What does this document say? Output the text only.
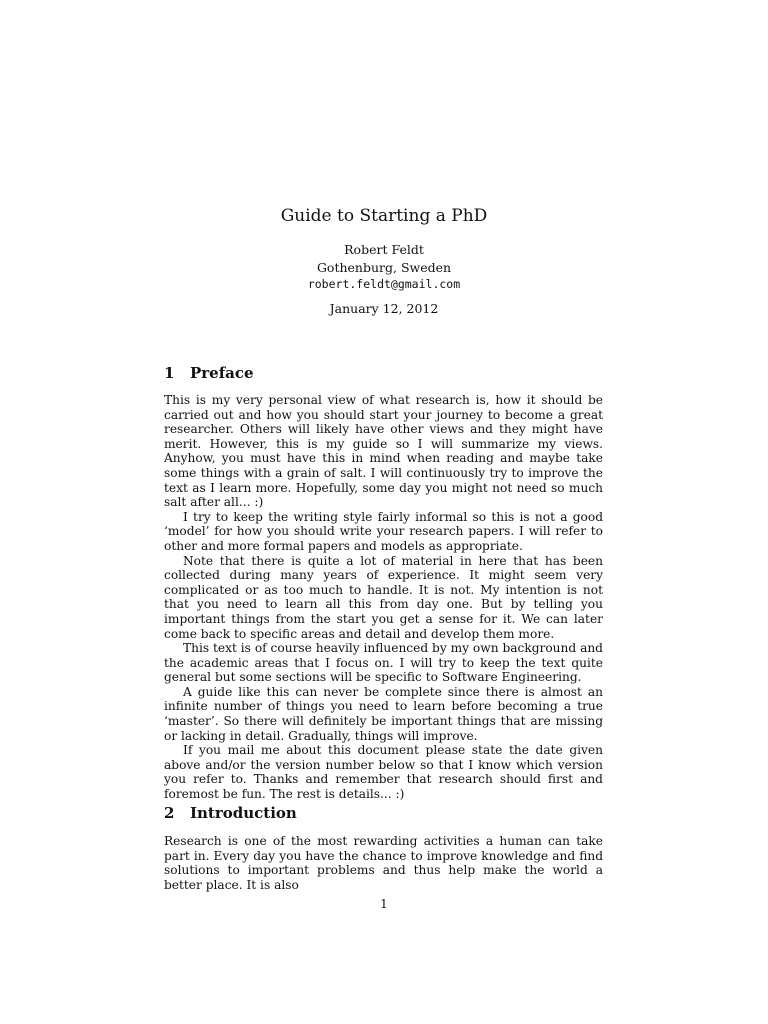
Guide to Starting a PhD
Robert Feldt
Gothenburg, Sweden
robert.feldt@gmail.com
January 12, 2012
1 Preface

This is my very personal view of what research is, how it should be carried out and how you should start your journey to become a great researcher. Others will likely have other views and they might have merit. However, this is my guide so I will summarize my views. Anyhow, you must have this in mind when reading and maybe take some things with a grain of salt. I will continuously try to improve the text as I learn more. Hopefully, some day you might not need so much salt after all... :)

I try to keep the writing style fairly informal so this is not a good ‘model’ for how you should write your research papers. I will refer to other and more formal papers and models as appropriate.

Note that there is quite a lot of material in here that has been collected during many years of experience. It might seem very complicated or as too much to handle. It is not. My intention is not that you need to learn all this from day one. But by telling you important things from the start you get a sense for it. We can later come back to specific areas and detail and develop them more.

This text is of course heavily influenced by my own background and the academic areas that I focus on. I will try to keep the text quite general but some sections will be specific to Software Engineering.

A guide like this can never be complete since there is almost an infinite number of things you need to learn before becoming a true ‘master’. So there will definitely be important things that are missing or lacking in detail. Gradually, things will improve.

If you mail me about this document please state the date given above and/or the version number below so that I know which version you refer to. Thanks and remember that research should first and foremost be fun. The rest is details... :)

2 Introduction

Research is one of the most rewarding activities a human can take part in. Every day you have the chance to improve knowledge and find solutions to important problems and thus help make the world a better place. It is also

1
